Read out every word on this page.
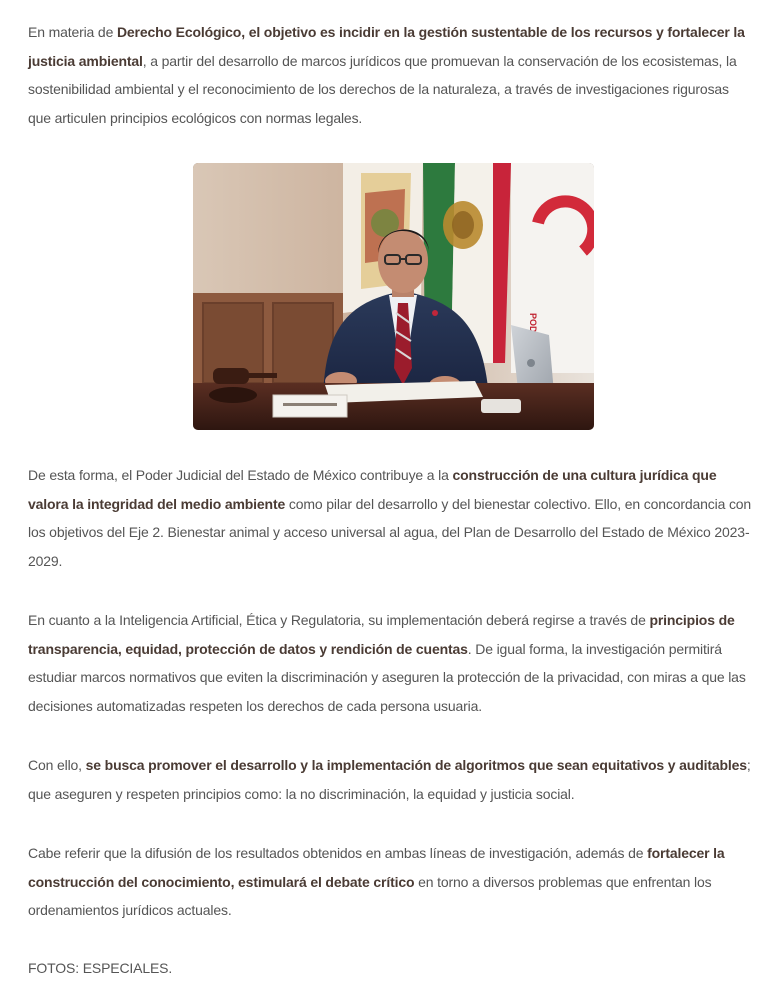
En materia de Derecho Ecológico, el objetivo es incidir en la gestión sustentable de los recursos y fortalecer la justicia ambiental, a partir del desarrollo de marcos jurídicos que promuevan la conservación de los ecosistemas, la sostenibilidad ambiental y el reconocimiento de los derechos de la naturaleza, a través de investigaciones rigurosas que articulen principios ecológicos con normas legales.

De esta forma, el Poder Judicial del Estado de México contribuye a la construcción de una cultura jurídica que valora la integridad del medio ambiente como pilar del desarrollo y del bienestar colectivo. Ello, en concordancia con los objetivos del Eje 2. Bienestar animal y acceso universal al agua, del Plan de Desarrollo del Estado de México 2023-2029.

En cuanto a la Inteligencia Artificial, Ética y Regulatoria, su implementación deberá regirse a través de principios de transparencia, equidad, protección de datos y rendición de cuentas. De igual forma, la investigación permitirá estudiar marcos normativos que eviten la discriminación y aseguren la protección de la privacidad, con miras a que las decisiones automatizadas respeten los derechos de cada persona usuaria.

Con ello, se busca promover el desarrollo y la implementación de algoritmos que sean equitativos y auditables; que aseguren y respeten principios como: la no discriminación, la equidad y justicia social.

Cabe referir que la difusión de los resultados obtenidos en ambas líneas de investigación, además de fortalecer la construcción del conocimiento, estimulará el debate crítico en torno a diversos problemas que enfrentan los ordenamientos jurídicos actuales.

FOTOS: ESPECIALES.
